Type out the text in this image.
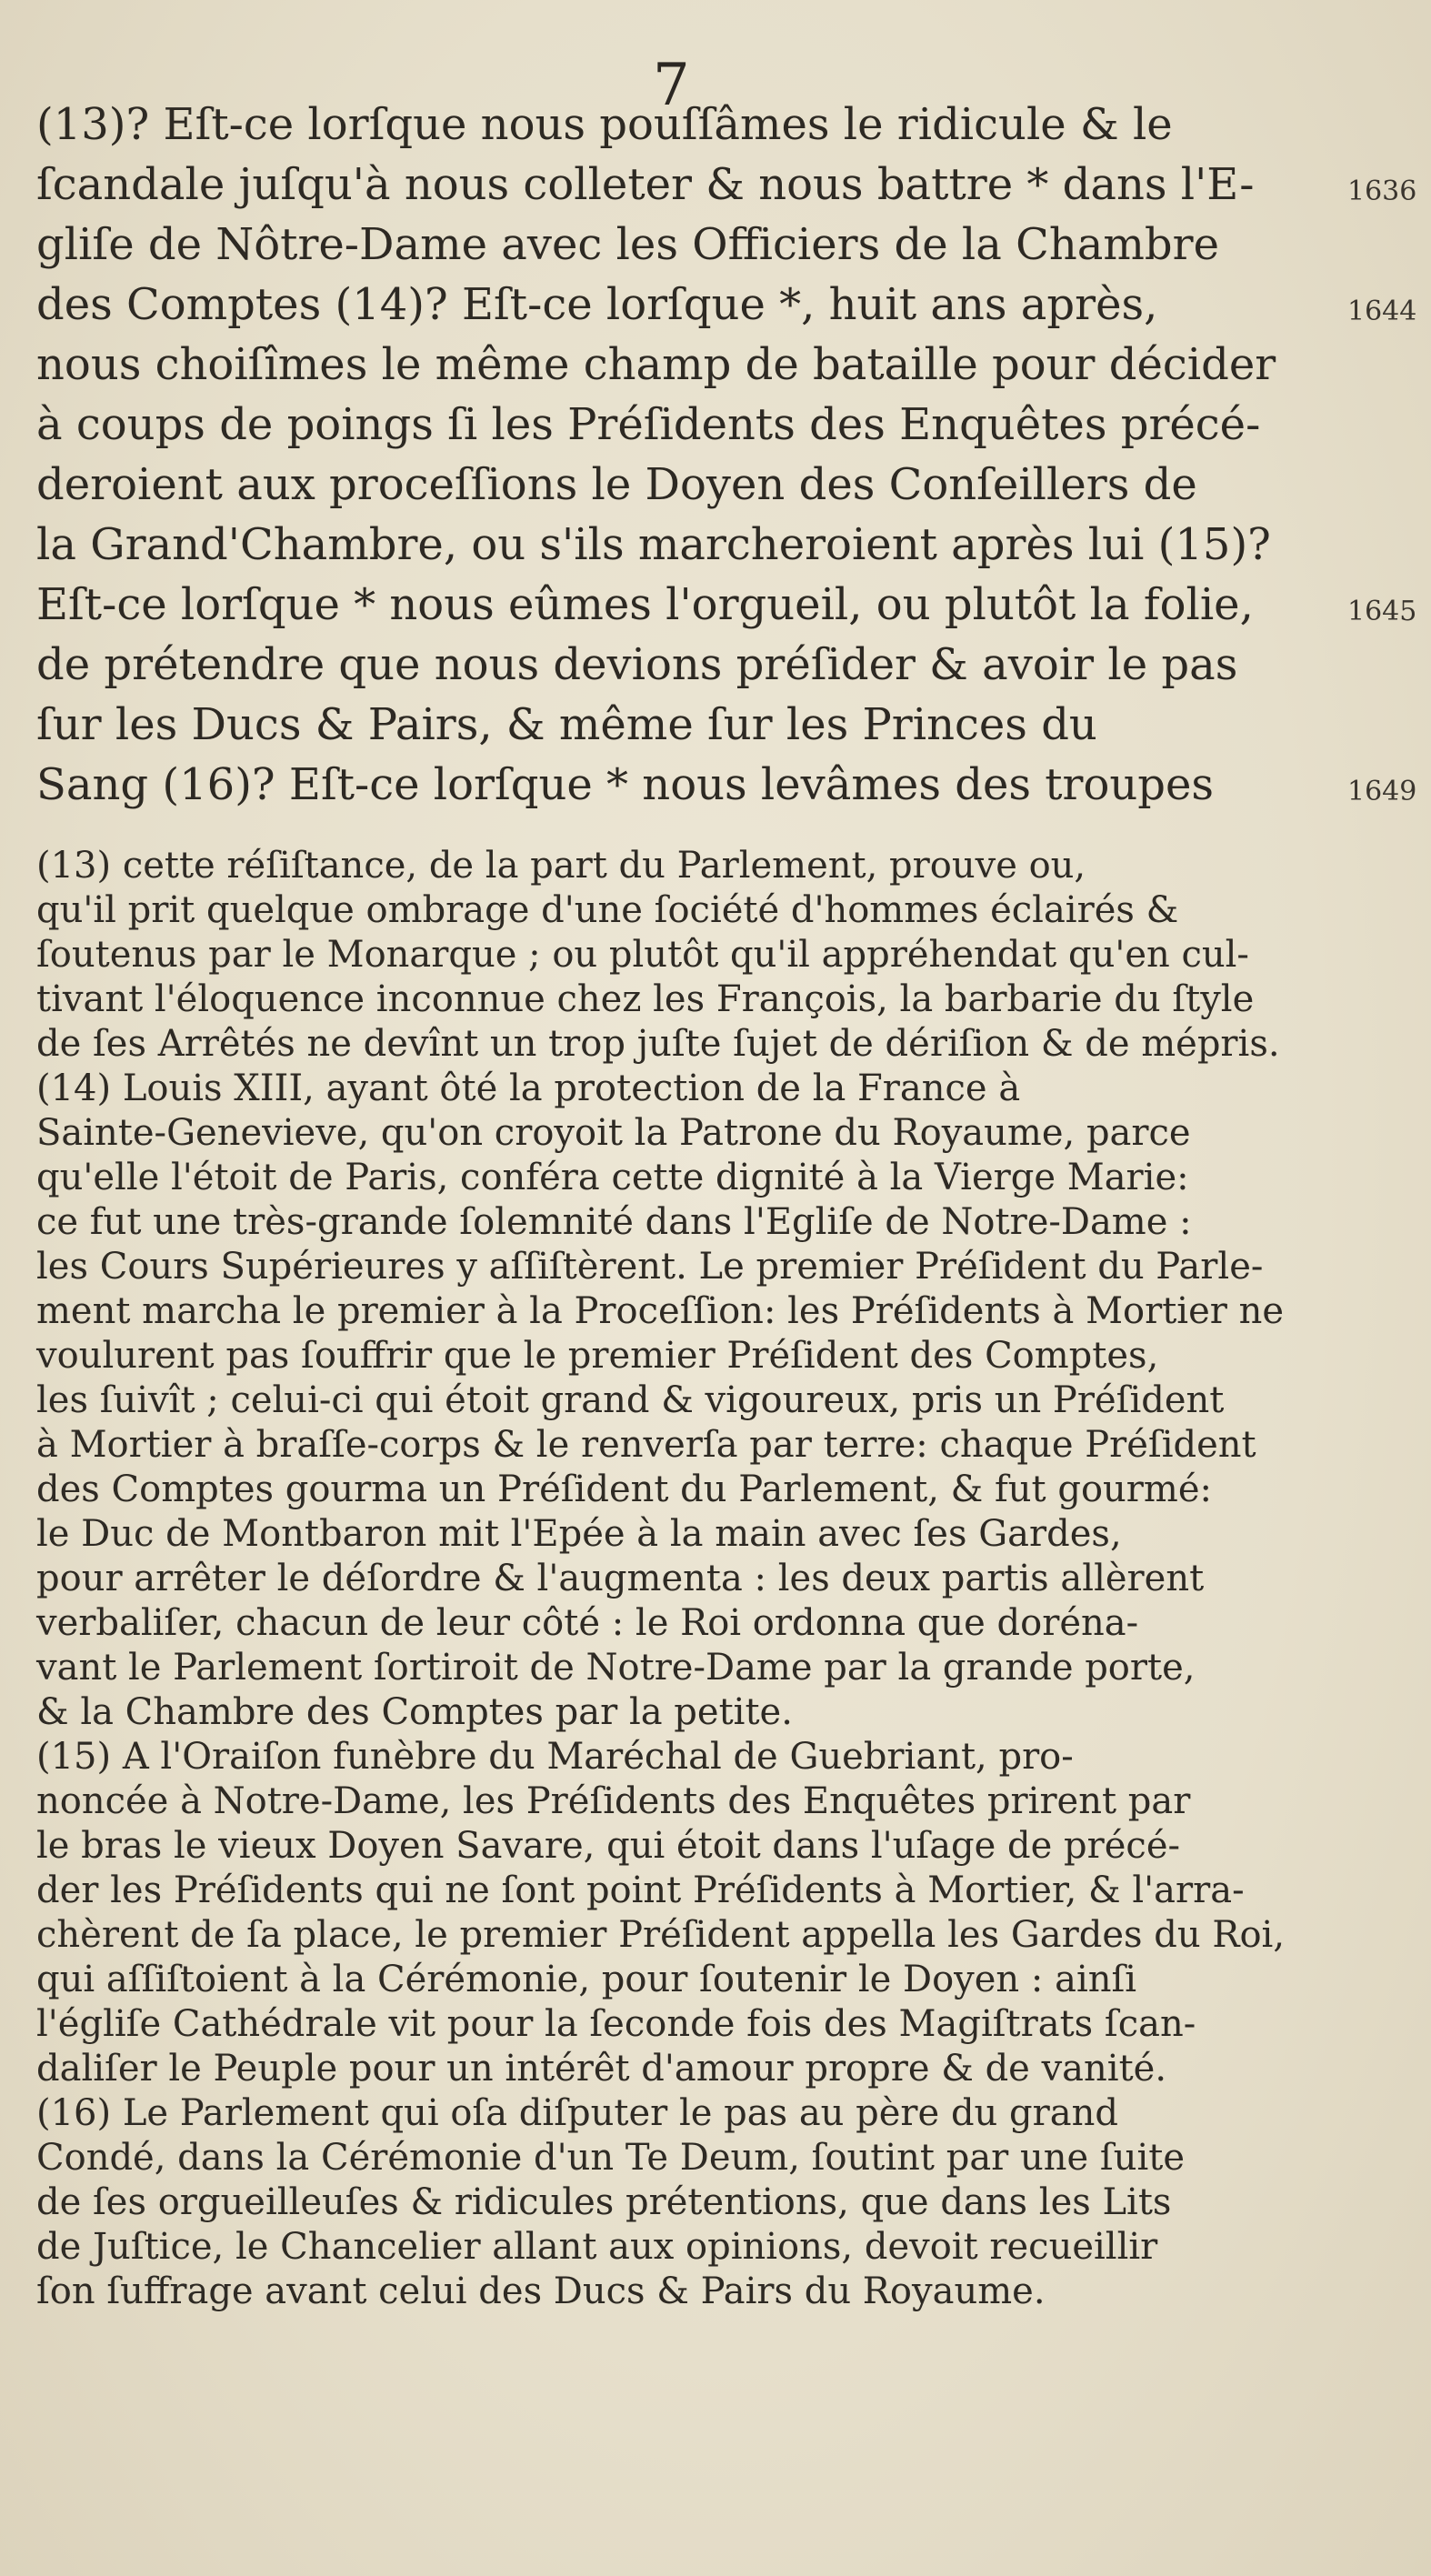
7
(13)? Eſt-ce lorſque nous pouſſâmes le ridicule & le
ſcandale juſqu'à nous colleter & nous battre * dans l'E-
gliſe de Nôtre-Dame avec les Officiers de la Chambre
des Comptes (14)? Eſt-ce lorſque *, huit ans après,
nous choiſîmes le même champ de bataille pour décider
à coups de poings ſi les Préſidents des Enquêtes précé-
deroient aux proceſſions le Doyen des Conſeillers de
la Grand'Chambre, ou s'ils marcheroient après lui (15)?
Eſt-ce lorſque * nous eûmes l'orgueil, ou plutôt la folie,
de prétendre que nous devions préſider & avoir le pas
ſur les Ducs & Pairs, & même ſur les Princes du
Sang (16)? Eſt-ce lorſque * nous levâmes des troupes
1636
1644
1645
1649
(13) cette réſiſtance, de la part du Parlement, prouve ou,
qu'il prit quelque ombrage d'une ſociété d'hommes éclairés &
ſoutenus par le Monarque ; ou plutôt qu'il appréhendat qu'en cul-
tivant l'éloquence inconnue chez les François, la barbarie du ſtyle
de ſes Arrêtés ne devînt un trop juſte ſujet de dériſion & de mépris.
(14) Louis XIII, ayant ôté la protection de la France à
Sainte-Genevieve, qu'on croyoit la Patrone du Royaume, parce
qu'elle l'étoit de Paris, conféra cette dignité à la Vierge Marie:
ce fut une très-grande ſolemnité dans l'Egliſe de Notre-Dame :
les Cours Supérieures y aſſiſtèrent. Le premier Préſident du Parle-
ment marcha le premier à la Proceſſion: les Préſidents à Mortier ne
voulurent pas ſouffrir que le premier Préſident des Comptes,
les ſuivît ; celui-ci qui étoit grand & vigoureux, pris un Préſident
à Mortier à braſſe-corps & le renverſa par terre: chaque Préſident
des Comptes gourma un Préſident du Parlement, & fut gourmé:
le Duc de Montbaron mit l'Epée à la main avec ſes Gardes,
pour arrêter le déſordre & l'augmenta : les deux partis allèrent
verbaliſer, chacun de leur côté : le Roi ordonna que doréna-
vant le Parlement ſortiroit de Notre-Dame par la grande porte,
& la Chambre des Comptes par la petite.
(15) A l'Oraiſon funèbre du Maréchal de Guebriant, pro-
noncée à Notre-Dame, les Préſidents des Enquêtes prirent par
le bras le vieux Doyen Savare, qui étoit dans l'uſage de précé-
der les Préſidents qui ne ſont point Préſidents à Mortier, & l'arra-
chèrent de ſa place, le premier Préſident appella les Gardes du Roi,
qui aſſiſtoient à la Cérémonie, pour ſoutenir le Doyen : ainſi
l'égliſe Cathédrale vit pour la ſeconde fois des Magiſtrats ſcan-
daliſer le Peuple pour un intérêt d'amour propre & de vanité.
(16) Le Parlement qui oſa diſputer le pas au père du grand
Condé, dans la Cérémonie d'un Te Deum, ſoutint par une ſuite
de ſes orgueilleuſes & ridicules prétentions, que dans les Lits
de Juſtice, le Chancelier allant aux opinions, devoit recueillir
ſon ſuffrage avant celui des Ducs & Pairs du Royaume.
